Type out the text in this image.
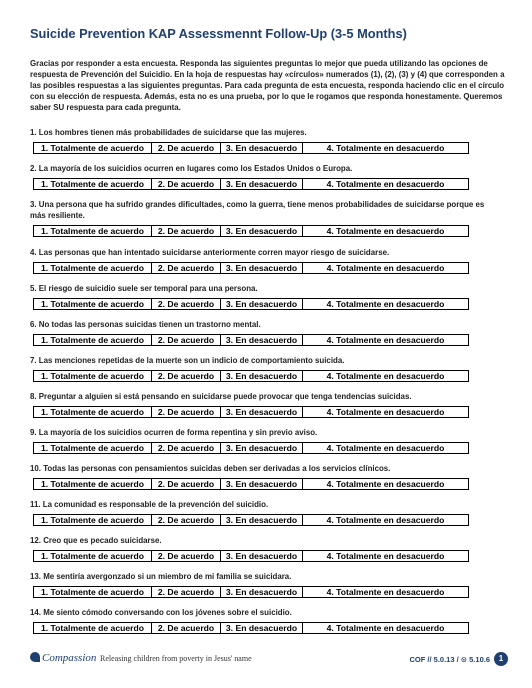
Suicide Prevention KAP Assessmennt Follow-Up (3-5 Months)

Gracias por responder a esta encuesta. Responda las siguientes preguntas lo mejor que pueda utilizando las opciones de respuesta de Prevención del Suicidio. En la hoja de respuestas hay «círculos» numerados (1), (2), (3) y (4) que corresponden a las posibles respuestas a las siguientes preguntas. Para cada pregunta de esta encuesta, responda haciendo clic en el círculo con su elección de respuesta. Además, esta no es una prueba, por lo que le rogamos que responda honestamente. Queremos saber SU respuesta para cada pregunta.

1. Los hombres tienen más probabilidades de suicidarse que las mujeres.
1. Totalmente de acuerdo	2. De acuerdo	3. En desacuerdo	4. Totalmente en desacuerdo
2. La mayoría de los suicidios ocurren en lugares como los Estados Unidos o Europa.
1. Totalmente de acuerdo	2. De acuerdo	3. En desacuerdo	4. Totalmente en desacuerdo
3. Una persona que ha sufrido grandes dificultades, como la guerra, tiene menos probabilidades de suicidarse porque es más resiliente.
1. Totalmente de acuerdo	2. De acuerdo	3. En desacuerdo	4. Totalmente en desacuerdo
4. Las personas que han intentado suicidarse anteriormente corren mayor riesgo de suicidarse.
1. Totalmente de acuerdo	2. De acuerdo	3. En desacuerdo	4. Totalmente en desacuerdo
5. El riesgo de suicidio suele ser temporal para una persona.
1. Totalmente de acuerdo	2. De acuerdo	3. En desacuerdo	4. Totalmente en desacuerdo
6. No todas las personas suicidas tienen un trastorno mental.
1. Totalmente de acuerdo	2. De acuerdo	3. En desacuerdo	4. Totalmente en desacuerdo
7. Las menciones repetidas de la muerte son un indicio de comportamiento suicida.
1. Totalmente de acuerdo	2. De acuerdo	3. En desacuerdo	4. Totalmente en desacuerdo
8. Preguntar a alguien si está pensando en suicidarse puede provocar que tenga tendencias suicidas.
1. Totalmente de acuerdo	2. De acuerdo	3. En desacuerdo	4. Totalmente en desacuerdo
9. La mayoría de los suicidios ocurren de forma repentina y sin previo aviso.
1. Totalmente de acuerdo	2. De acuerdo	3. En desacuerdo	4. Totalmente en desacuerdo
10. Todas las personas con pensamientos suicidas deben ser derivadas a los servicios clínicos.
1. Totalmente de acuerdo	2. De acuerdo	3. En desacuerdo	4. Totalmente en desacuerdo
11. La comunidad es responsable de la prevención del suicidio.
1. Totalmente de acuerdo	2. De acuerdo	3. En desacuerdo	4. Totalmente en desacuerdo
12. Creo que es pecado suicidarse.
1. Totalmente de acuerdo	2. De acuerdo	3. En desacuerdo	4. Totalmente en desacuerdo
13. Me sentiría avergonzado si un miembro de mi familia se suicidara.
1. Totalmente de acuerdo	2. De acuerdo	3. En desacuerdo	4. Totalmente en desacuerdo
14. Me siento cómodo conversando con los jóvenes sobre el suicidio.
1. Totalmente de acuerdo	2. De acuerdo	3. En desacuerdo	4. Totalmente en desacuerdo
Compassion Releasing children from poverty in Jesus' name	COF // 5.0.13 / ⊙ 5.10.6	1
